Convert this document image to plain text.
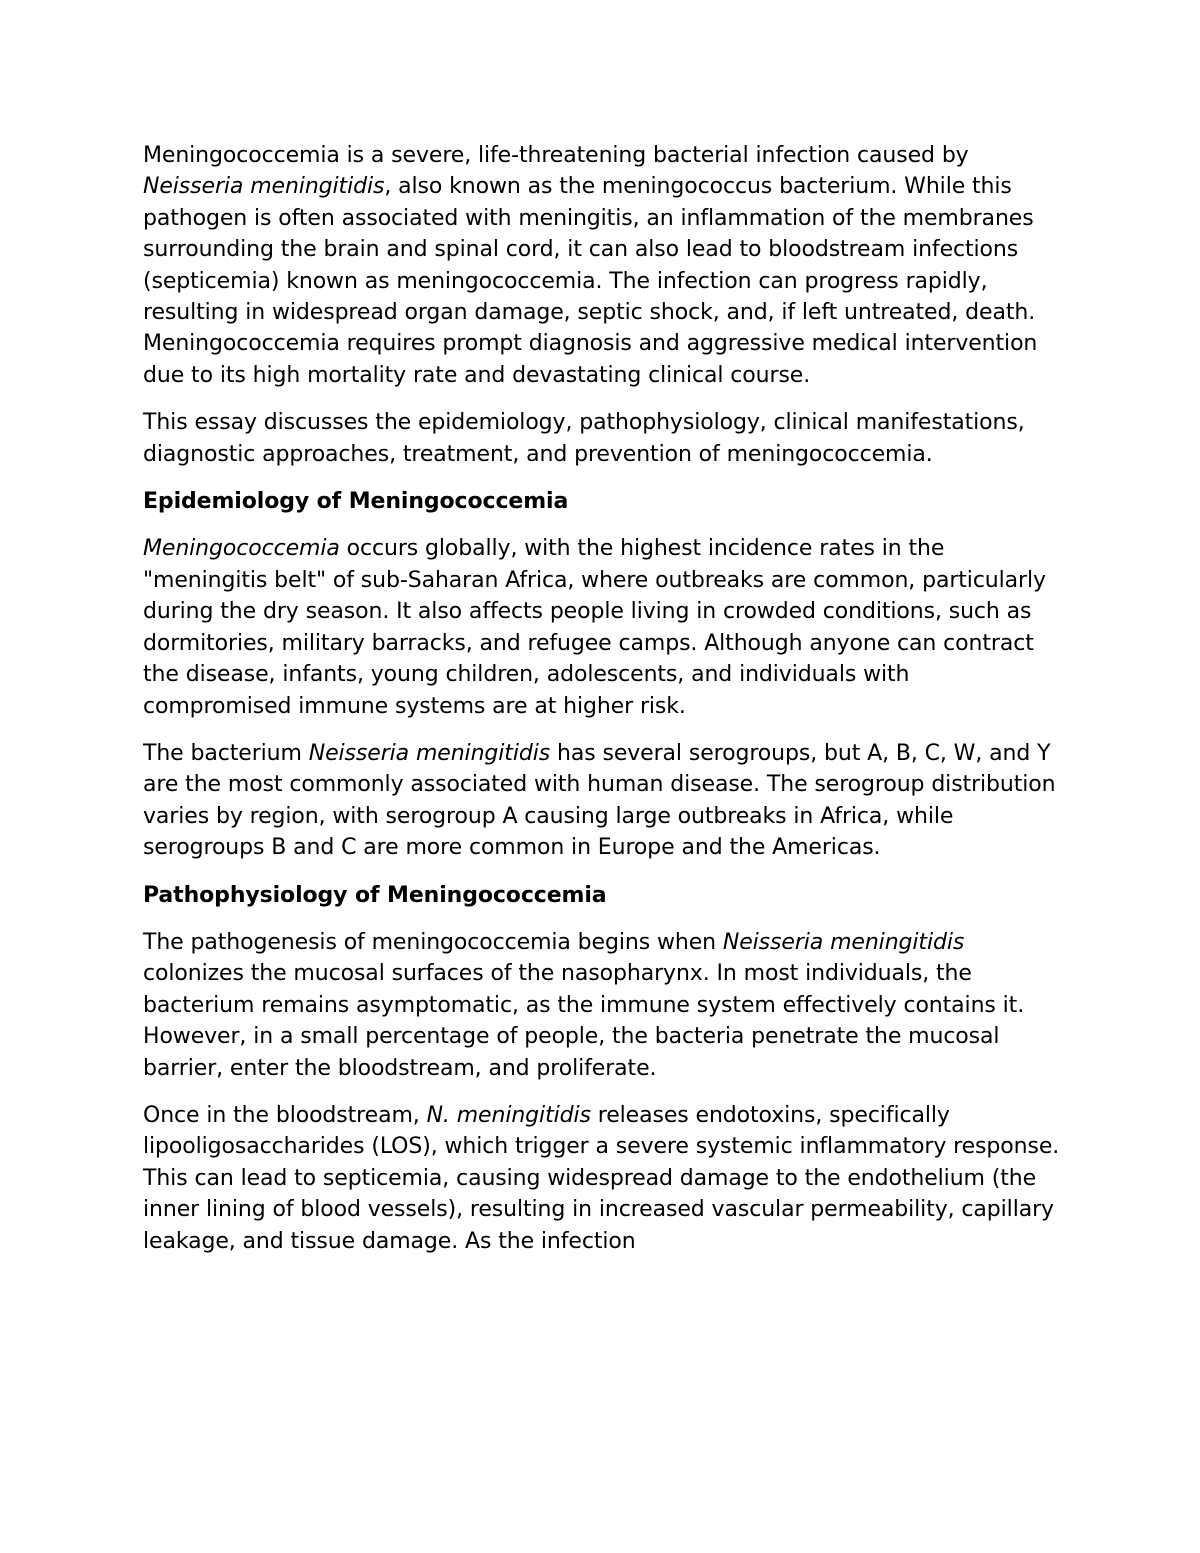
Meningococcemia is a severe, life-threatening bacterial infection caused by Neisseria meningitidis, also known as the meningococcus bacterium. While this pathogen is often associated with meningitis, an inflammation of the membranes surrounding the brain and spinal cord, it can also lead to bloodstream infections (septicemia) known as meningococcemia. The infection can progress rapidly, resulting in widespread organ damage, septic shock, and, if left untreated, death. Meningococcemia requires prompt diagnosis and aggressive medical intervention due to its high mortality rate and devastating clinical course.

This essay discusses the epidemiology, pathophysiology, clinical manifestations, diagnostic approaches, treatment, and prevention of meningococcemia.

Epidemiology of Meningococcemia

Meningococcemia occurs globally, with the highest incidence rates in the "meningitis belt" of sub-Saharan Africa, where outbreaks are common, particularly during the dry season. It also affects people living in crowded conditions, such as dormitories, military barracks, and refugee camps. Although anyone can contract the disease, infants, young children, adolescents, and individuals with compromised immune systems are at higher risk.

The bacterium Neisseria meningitidis has several serogroups, but A, B, C, W, and Y are the most commonly associated with human disease. The serogroup distribution varies by region, with serogroup A causing large outbreaks in Africa, while serogroups B and C are more common in Europe and the Americas.

Pathophysiology of Meningococcemia

The pathogenesis of meningococcemia begins when Neisseria meningitidis colonizes the mucosal surfaces of the nasopharynx. In most individuals, the bacterium remains asymptomatic, as the immune system effectively contains it. However, in a small percentage of people, the bacteria penetrate the mucosal barrier, enter the bloodstream, and proliferate.

Once in the bloodstream, N. meningitidis releases endotoxins, specifically lipooligosaccharides (LOS), which trigger a severe systemic inflammatory response. This can lead to septicemia, causing widespread damage to the endothelium (the inner lining of blood vessels), resulting in increased vascular permeability, capillary leakage, and tissue damage. As the infection
